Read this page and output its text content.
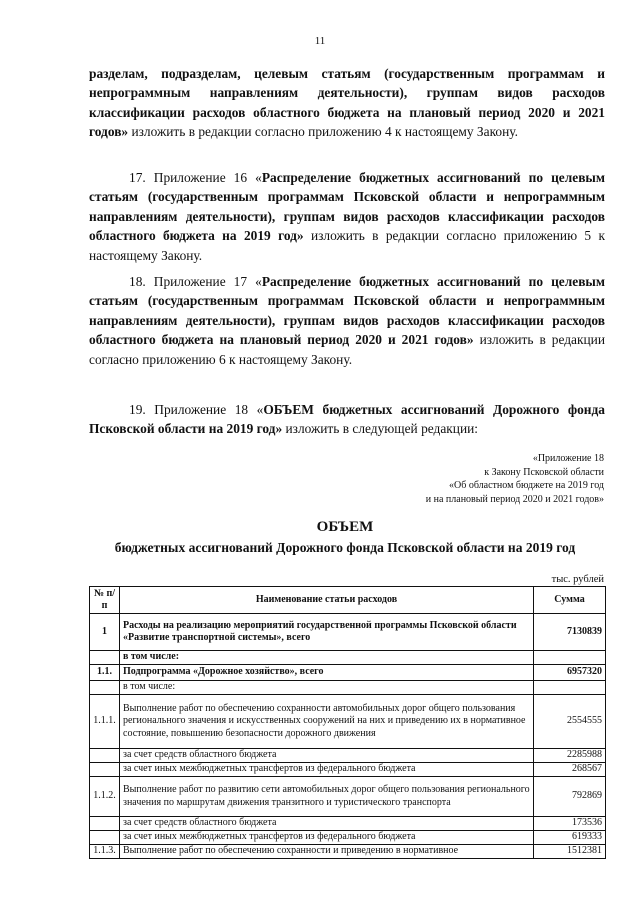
11

разделам, подразделам, целевым статьям (государственным программам и непрограммным направлениям деятельности), группам видов расходов классификации расходов областного бюджета на плановый период 2020 и 2021 годов» изложить в редакции согласно приложению 4 к настоящему Закону.

17. Приложение 16 «Распределение бюджетных ассигнований по целевым статьям (государственным программам Псковской области и непрограммным направлениям деятельности), группам видов расходов классификации расходов областного бюджета на 2019 год» изложить в редакции согласно приложению 5 к настоящему Закону.

18. Приложение 17 «Распределение бюджетных ассигнований по целевым статьям (государственным программам Псковской области и непрограммным направлениям деятельности), группам видов расходов классификации расходов областного бюджета на плановый период 2020 и 2021 годов» изложить в редакции согласно приложению 6 к настоящему Закону.

19. Приложение 18 «ОБЪЕМ бюджетных ассигнований Дорожного фонда Псковской области на 2019 год» изложить в следующей редакции:

«Приложение 18
к Закону Псковской области
«Об областном бюджете на 2019 год
и на плановый период 2020 и 2021 годов»
ОБЪЕМ
бюджетных ассигнований Дорожного фонда Псковской области на 2019 год
тыс. рублей
№ п/п	Наименование статьи расходов	Сумма
1	Расходы на реализацию мероприятий государственной программы Псковской области «Развитие транспортной системы», всего	7130839
	в том числе:	
1.1.	Подпрограмма «Дорожное хозяйство», всего	6957320
	в том числе:	
1.1.1.	Выполнение работ по обеспечению сохранности автомобильных дорог общего пользования регионального значения и искусственных сооружений на них и приведению их в нормативное состояние, повышению безопасности дорожного движения	2554555
	за счет средств областного бюджета	2285988
	за счет иных межбюджетных трансфертов из федерального бюджета	268567
1.1.2.	Выполнение работ по развитию сети автомобильных дорог общего пользования регионального значения по маршрутам движения транзитного и туристического транспорта	792869
	за счет средств областного бюджета	173536
	за счет иных межбюджетных трансфертов из федерального бюджета	619333
1.1.3.	Выполнение работ по обеспечению сохранности и приведению в нормативное	1512381
